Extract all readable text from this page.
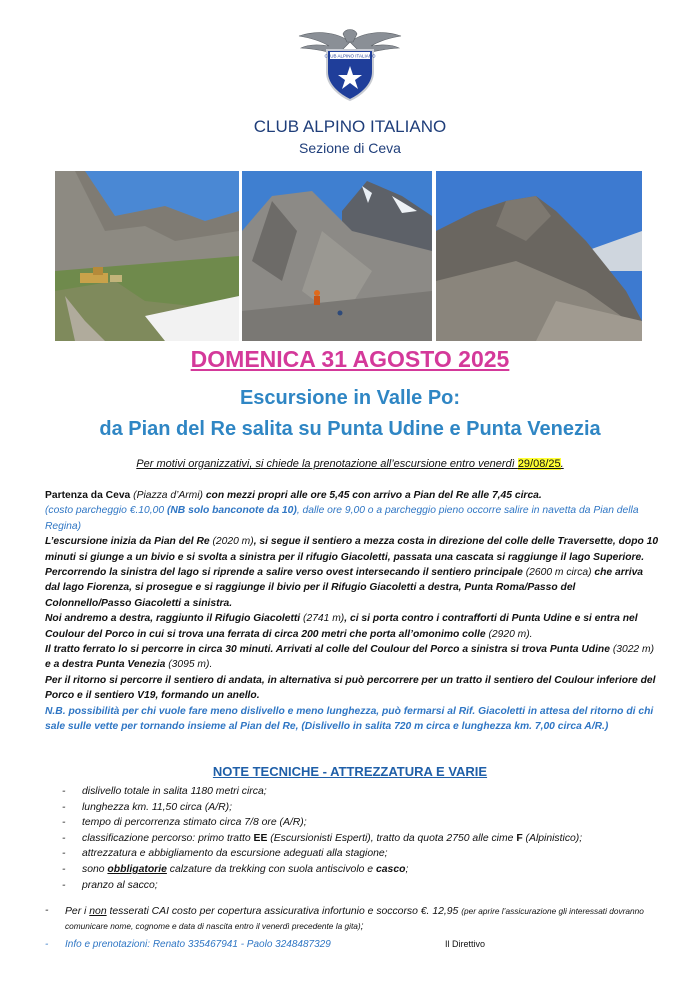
CLUB ALPINO ITALIANO
CLUB ALPINO ITALIANO
Sezione di Ceva
DOMENICA 31 AGOSTO 2025
Escursione in Valle Po:
da Pian del Re salita su Punta Udine e Punta Venezia
Per motivi organizzativi, si chiede la prenotazione all’escursione entro venerdì 29/08/25.

Partenza da Ceva (Piazza d’Armi) con mezzi propri alle ore 5,45 con arrivo a Pian del Re alle 7,45 circa.

(costo parcheggio €.10,00 (NB solo banconote da 10), dalle ore 9,00 o a parcheggio pieno occorre salire in navetta da Pian della Regina)

L’escursione inizia da Pian del Re (2020 m), si segue il sentiero a mezza costa in direzione del colle delle Traversette, dopo 10 minuti si giunge a un bivio e si svolta a sinistra per il rifugio Giacoletti, passata una cascata si raggiunge il lago Superiore. Percorrendo la sinistra del lago si riprende a salire verso ovest intersecando il sentiero principale (2600 m circa) che arriva dal lago Fiorenza, si prosegue e si raggiunge il bivio per il Rifugio Giacoletti a destra, Punta Roma/Passo del Colonnello/Passo Giacoletti a sinistra.

Noi andremo a destra, raggiunto il Rifugio Giacoletti (2741 m), ci si porta contro i contrafforti di Punta Udine e si entra nel Coulour del Porco in cui si trova una ferrata di circa 200 metri che porta all’omonimo colle (2920 m).

Il tratto ferrato lo si percorre in circa 30 minuti. Arrivati al colle del Coulour del Porco a sinistra si trova Punta Udine (3022 m) e a destra Punta Venezia (3095 m).

Per il ritorno si percorre il sentiero di andata, in alternativa si può percorrere per un tratto il sentiero del Coulour inferiore del Porco e il sentiero V19, formando un anello.

N.B. possibilità per chi vuole fare meno dislivello e meno lunghezza, può fermarsi al Rif. Giacoletti in attesa del ritorno di chi sale sulle vette per tornando insieme al Pian del Re, (Dislivello in salita 720 m circa e lunghezza km. 7,00 circa A/R.)

NOTE TECNICHE - ATTREZZATURA E VARIE
- dislivello totale in salita 1180 metri circa;
- lunghezza km. 11,50 circa (A/R);
- tempo di percorrenza stimato circa 7/8 ore (A/R);
- classificazione percorso: primo tratto EE (Escursionisti Esperti), tratto da quota 2750 alle cime F (Alpinistico);
- attrezzatura e abbigliamento da escursione adeguati alla stagione;
- sono obbligatorie calzature da trekking con suola antiscivolo e casco;
- pranzo al sacco;
-	Per i non tesserati CAI costo per copertura assicurativa infortunio e soccorso €. 12,95 (per aprire l’assicurazione gli interessati dovranno comunicare nome, cognome e data di nascita entro il venerdì precedente la gita);
-	Info e prenotazioni: Renato 335467941 - Paolo 3248487329	Il Direttivo
